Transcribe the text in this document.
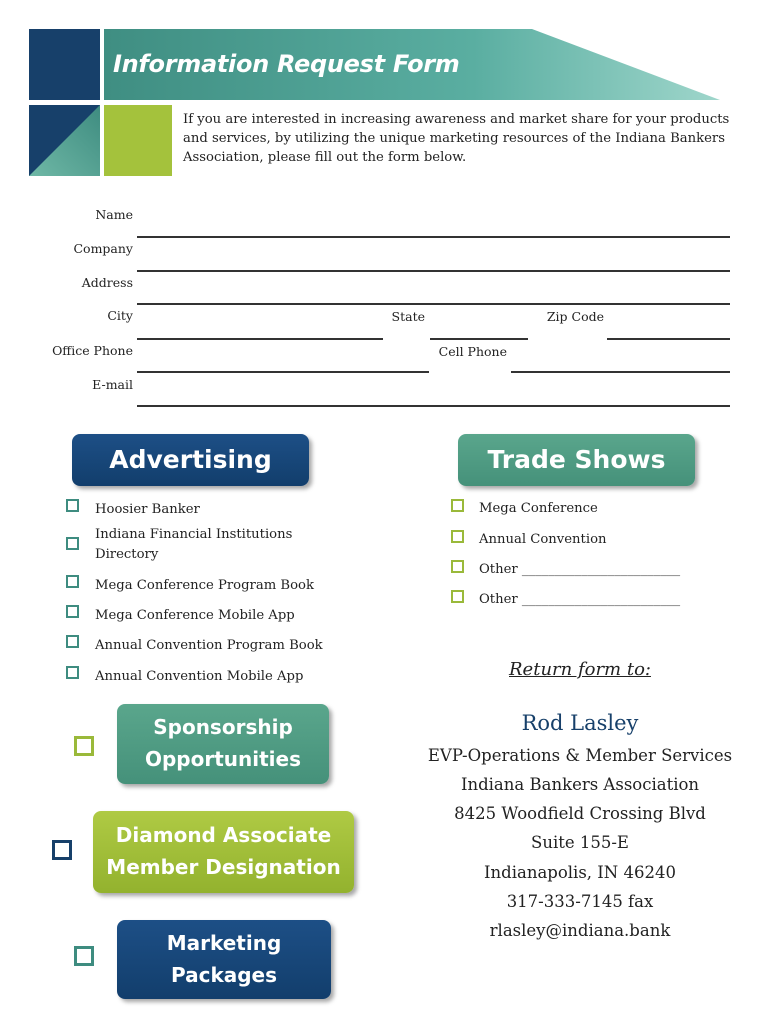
Information Request Form
If you are interested in increasing awareness and market share for your products and services, by utilizing the unique marketing resources of the Indiana Bankers Association, please fill out the form below.
Name
Company
Address
City	State	Zip Code
Office Phone	Cell Phone
E-mail
Advertising
Hoosier Banker
Indiana Financial Institutions Directory
Mega Conference Program Book
Mega Conference Mobile App
Annual Convention Program Book
Annual Convention Mobile App
Trade Shows
Mega Conference
Annual Convention
Other ________________________
Other ________________________
Sponsorship
Opportunities
Diamond Associate
Member Designation
Marketing
Packages
Return form to:
Rod Lasley
EVP-Operations & Member Services
Indiana Bankers Association
8425 Woodfield Crossing Blvd
Suite 155-E
Indianapolis, IN 46240
317-333-7145 fax
rlasley@indiana.bank
